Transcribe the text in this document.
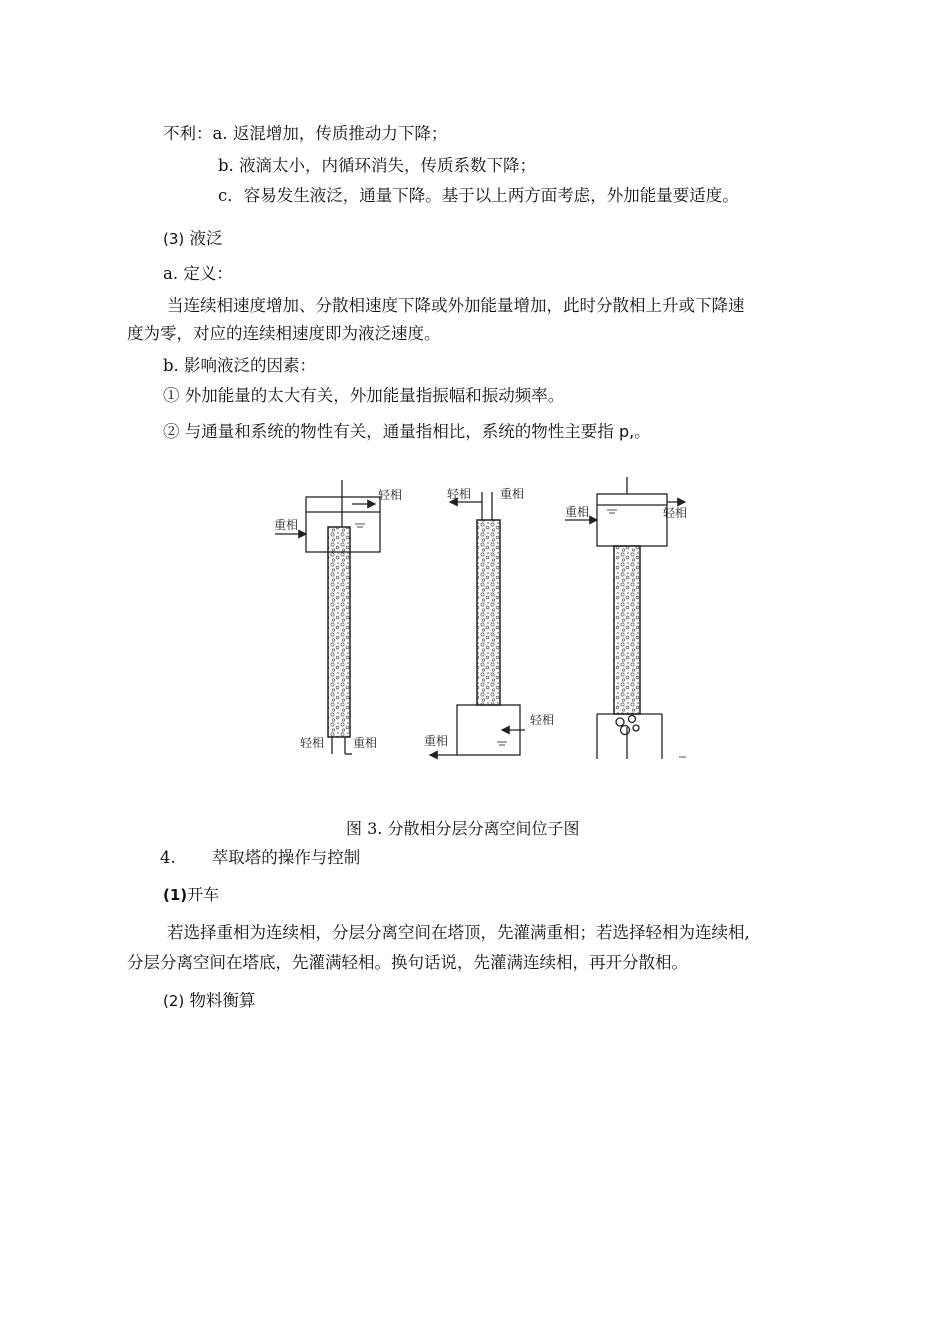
不利：a. 返混增加，传质推动力下降；
b. 液滴太小，内循环消失，传质系数下降；
c．容易发生液泛，通量下降。基于以上两方面考虑，外加能量要适度。
(3) 液泛
a. 定义：
当连续相速度增加、分散相速度下降或外加能量增加，此时分散相上升或下降速
度为零，对应的连续相速度即为液泛速度。
b. 影响液泛的因素：
① 外加能量的太大有关，外加能量指振幅和振动频率。
② 与通量和系统的物性有关，通量指相比，系统的物性主要指 p,。
轻相
重相
轻相 重相
轻相 重相
轻相
重相
轻相
重相
图 3. 分散相分层分离空间位子图
4. 萃取塔的操作与控制
(1)开车
若选择重相为连续相，分层分离空间在塔顶，先灌满重相；若选择轻相为连续相,
分层分离空间在塔底，先灌满轻相。换句话说，先灌满连续相，再开分散相。
(2) 物料衡算
